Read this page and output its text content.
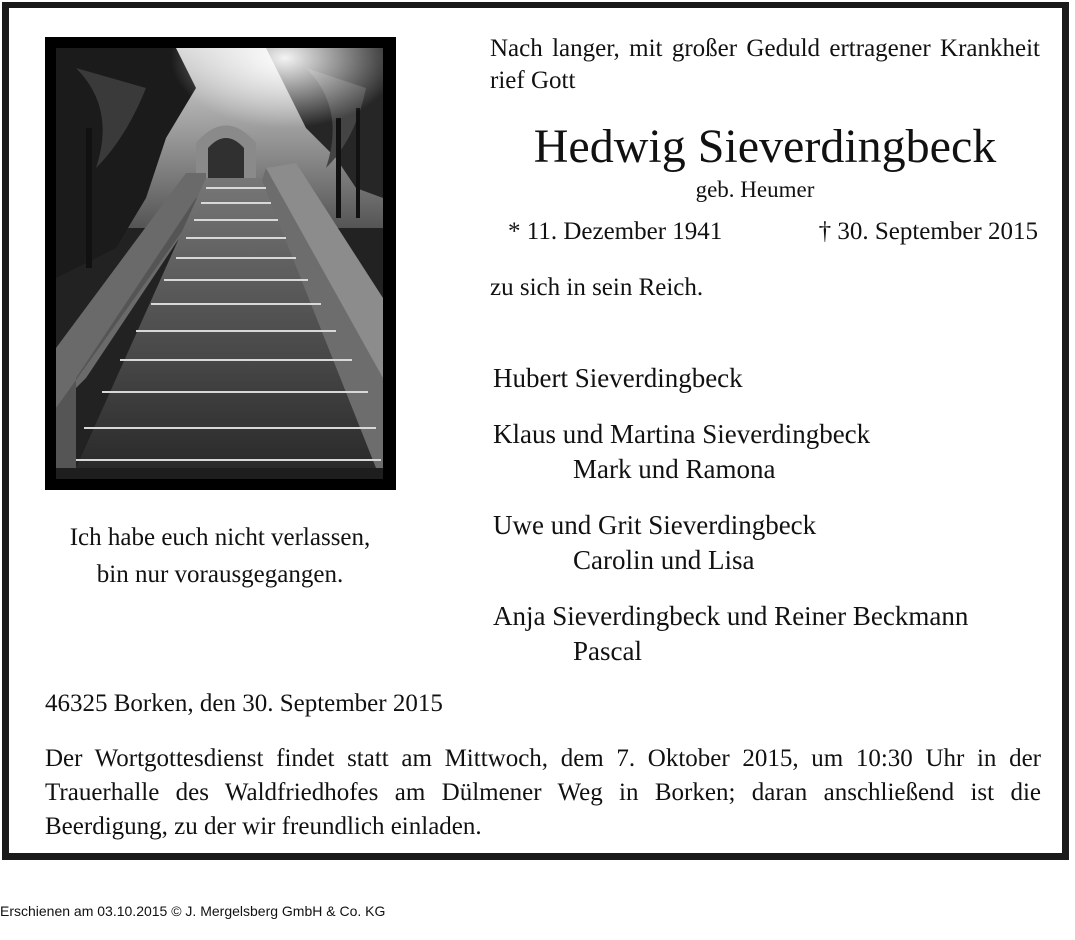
Ich habe euch nicht verlassen,
bin nur vorausgegangen.
Nach langer, mit großer Geduld ertragener Krankheit rief Gott
Hedwig Sieverdingbeck
geb. Heumer
* 11. Dezember 1941	† 30. September 2015
zu sich in sein Reich.
Hubert Sieverdingbeck
Klaus und Martina Sieverdingbeck
Mark und Ramona
Uwe und Grit Sieverdingbeck
Carolin und Lisa
Anja Sieverdingbeck und Reiner Beckmann
Pascal
46325 Borken, den 30. September 2015
Der Wortgottesdienst findet statt am Mittwoch, dem 7. Oktober 2015, um 10:30 Uhr in der Trauerhalle des Waldfriedhofes am Dülmener Weg in Borken; daran anschließend ist die Beerdigung, zu der wir freundlich einladen.
Erschienen am 03.10.2015 © J. Mergelsberg GmbH & Co. KG
